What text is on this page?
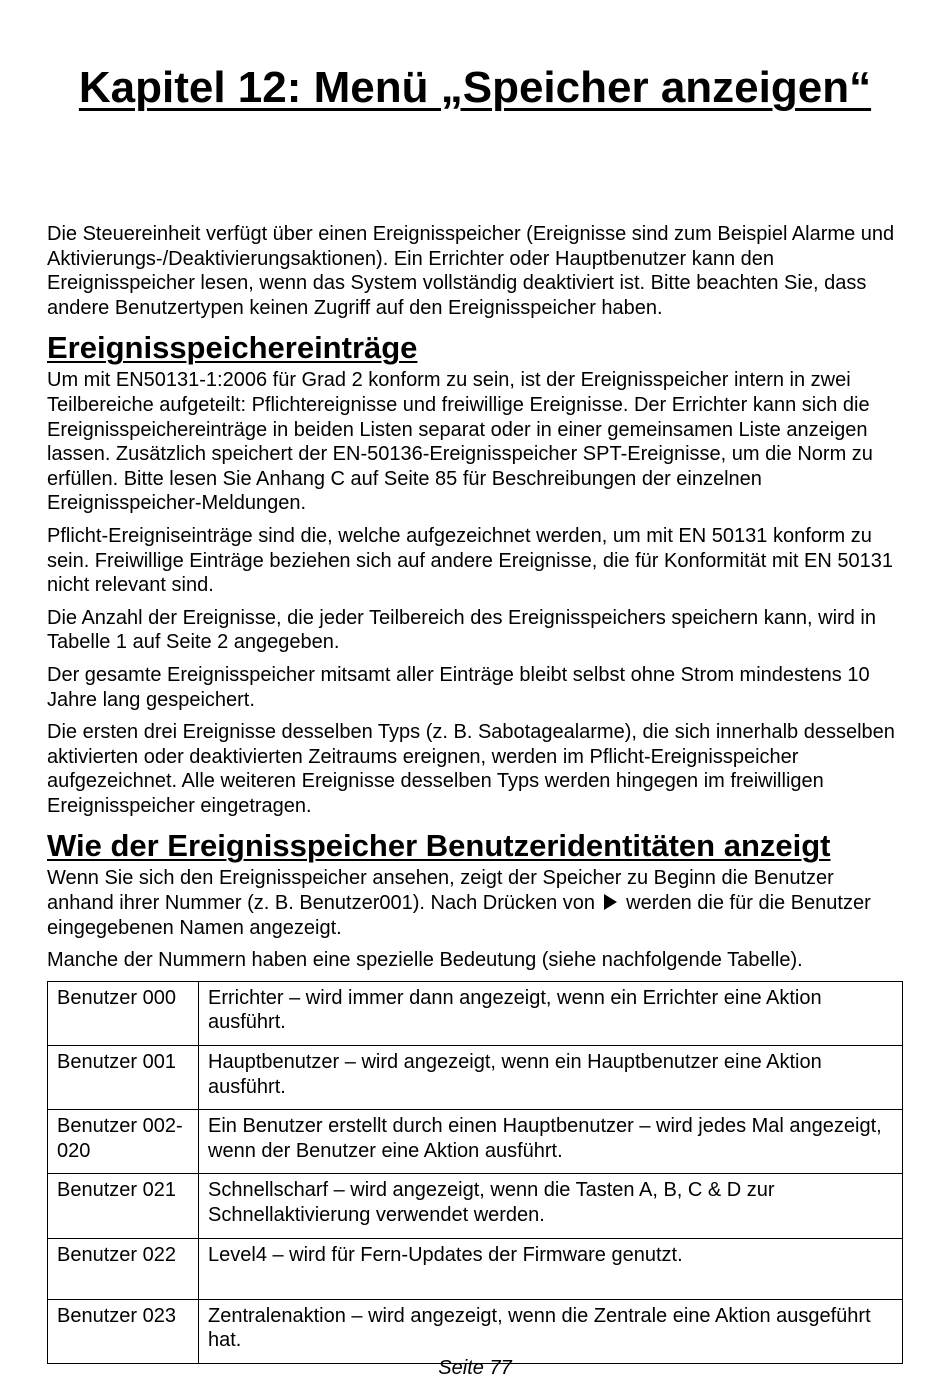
Kapitel 12: Menü „Speicher anzeigen“

Die Steuereinheit verfügt über einen Ereignisspeicher (Ereignisse sind zum Beispiel Alarme und Aktivierungs-/Deaktivierungsaktionen). Ein Errichter oder Hauptbenutzer kann den Ereignisspeicher lesen, wenn das System vollständig deaktiviert ist. Bitte beachten Sie, dass andere Benutzertypen keinen Zugriff auf den Ereignisspeicher haben.

Ereignisspeichereinträge

Um mit EN50131-1:2006 für Grad 2 konform zu sein, ist der Ereignisspeicher intern in zwei Teilbereiche aufgeteilt: Pflichtereignisse und freiwillige Ereignisse. Der Errichter kann sich die Ereignisspeichereinträge in beiden Listen separat oder in einer gemeinsamen Liste anzeigen lassen. Zusätzlich speichert der EN-50136-Ereignisspeicher SPT-Ereignisse, um die Norm zu erfüllen. Bitte lesen Sie Anhang C auf Seite 85 für Beschreibungen der einzelnen Ereignisspeicher-Meldungen.

Pflicht-Ereigniseinträge sind die, welche aufgezeichnet werden, um mit EN 50131 konform zu sein. Freiwillige Einträge beziehen sich auf andere Ereignisse, die für Konformität mit EN 50131 nicht relevant sind.

Die Anzahl der Ereignisse, die jeder Teilbereich des Ereignisspeichers speichern kann, wird in Tabelle 1 auf Seite 2 angegeben.

Der gesamte Ereignisspeicher mitsamt aller Einträge bleibt selbst ohne Strom mindestens 10 Jahre lang gespeichert.

Die ersten drei Ereignisse desselben Typs (z. B. Sabotagealarme), die sich innerhalb desselben aktivierten oder deaktivierten Zeitraums ereignen, werden im Pflicht-Ereignisspeicher aufgezeichnet. Alle weiteren Ereignisse desselben Typs werden hingegen im freiwilligen Ereignisspeicher eingetragen.

Wie der Ereignisspeicher Benutzeridentitäten anzeigt

Wenn Sie sich den Ereignisspeicher ansehen, zeigt der Speicher zu Beginn die Benutzer anhand ihrer Nummer (z. B. Benutzer001). Nach Drücken von werden die für die Benutzer eingegebenen Namen angezeigt.

Manche der Nummern haben eine spezielle Bedeutung (siehe nachfolgende Tabelle).

Benutzer 000	Errichter – wird immer dann angezeigt, wenn ein Errichter eine Aktion ausführt.
Benutzer 001	Hauptbenutzer – wird angezeigt, wenn ein Hauptbenutzer eine Aktion ausführt.
Benutzer 002- 020	Ein Benutzer erstellt durch einen Hauptbenutzer – wird jedes Mal angezeigt, wenn der Benutzer eine Aktion ausführt.
Benutzer 021	Schnellscharf – wird angezeigt, wenn die Tasten A, B, C & D zur Schnellaktivierung verwendet werden.
Benutzer 022	Level4 – wird für Fern-Updates der Firmware genutzt.
Benutzer 023	Zentralenaktion – wird angezeigt, wenn die Zentrale eine Aktion ausgeführt hat.
Seite 77
